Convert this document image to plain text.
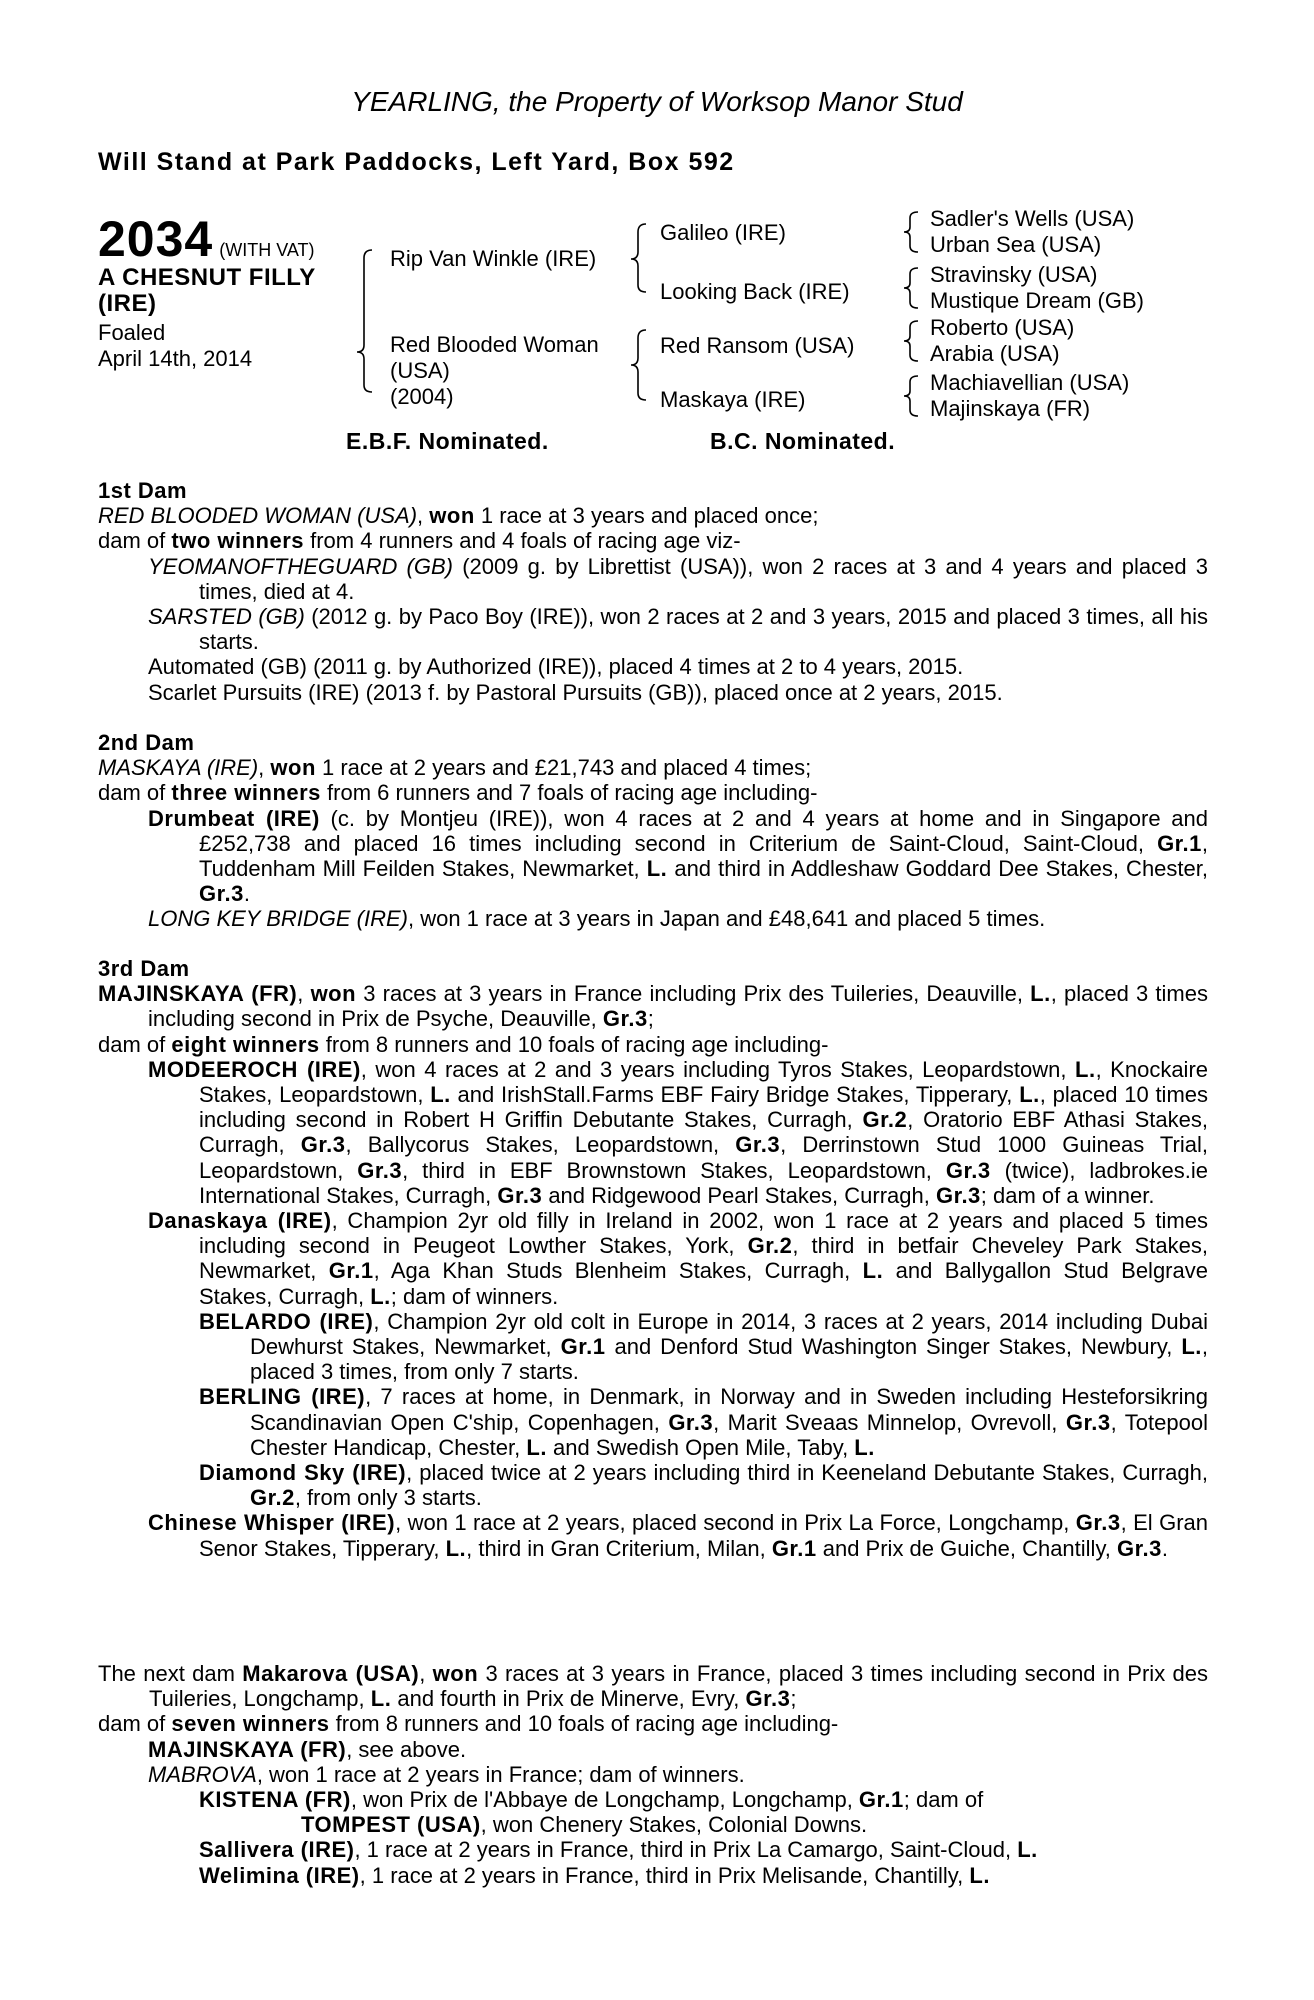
YEARLING, the Property of Worksop Manor Stud
Will Stand at Park Paddocks, Left Yard, Box 592
2034 (WITH VAT)
A CHESNUT FILLY
(IRE)
Foaled
April 14th, 2014
Rip Van Winkle (IRE)
Red Blooded Woman
(USA)
(2004)
Galileo (IRE)
Looking Back (IRE)
Red Ransom (USA)
Maskaya (IRE)
Sadler's Wells (USA)
Urban Sea (USA)
Stravinsky (USA)
Mustique Dream (GB)
Roberto (USA)
Arabia (USA)
Machiavellian (USA)
Majinskaya (FR)
E.B.F. Nominated.	B.C. Nominated.

1st Dam

RED BLOODED WOMAN (USA), won 1 race at 3 years and placed once;

dam of two winners from 4 runners and 4 foals of racing age viz-

YEOMANOFTHEGUARD (GB) (2009 g. by Librettist (USA)), won 2 races at 3 and 4 years and placed 3 times, died at 4.

SARSTED (GB) (2012 g. by Paco Boy (IRE)), won 2 races at 2 and 3 years, 2015 and placed 3 times, all his starts.

Automated (GB) (2011 g. by Authorized (IRE)), placed 4 times at 2 to 4 years, 2015.

Scarlet Pursuits (IRE) (2013 f. by Pastoral Pursuits (GB)), placed once at 2 years, 2015.

2nd Dam

MASKAYA (IRE), won 1 race at 2 years and £21,743 and placed 4 times;

dam of three winners from 6 runners and 7 foals of racing age including-

Drumbeat (IRE) (c. by Montjeu (IRE)), won 4 races at 2 and 4 years at home and in Singapore and £252,738 and placed 16 times including second in Criterium de Saint-Cloud, Saint-Cloud, Gr.1, Tuddenham Mill Feilden Stakes, Newmarket, L. and third in Addleshaw Goddard Dee Stakes, Chester, Gr.3.

LONG KEY BRIDGE (IRE), won 1 race at 3 years in Japan and £48,641 and placed 5 times.

3rd Dam

MAJINSKAYA (FR), won 3 races at 3 years in France including Prix des Tuileries, Deauville, L., placed 3 times including second in Prix de Psyche, Deauville, Gr.3;

dam of eight winners from 8 runners and 10 foals of racing age including-

MODEEROCH (IRE), won 4 races at 2 and 3 years including Tyros Stakes, Leopardstown, L., Knockaire Stakes, Leopardstown, L. and IrishStall.Farms EBF Fairy Bridge Stakes, Tipperary, L., placed 10 times including second in Robert H Griffin Debutante Stakes, Curragh, Gr.2, Oratorio EBF Athasi Stakes, Curragh, Gr.3, Ballycorus Stakes, Leopardstown, Gr.3, Derrinstown Stud 1000 Guineas Trial, Leopardstown, Gr.3, third in EBF Brownstown Stakes, Leopardstown, Gr.3 (twice), ladbrokes.ie International Stakes, Curragh, Gr.3 and Ridgewood Pearl Stakes, Curragh, Gr.3; dam of a winner.

Danaskaya (IRE), Champion 2yr old filly in Ireland in 2002, won 1 race at 2 years and placed 5 times including second in Peugeot Lowther Stakes, York, Gr.2, third in betfair Cheveley Park Stakes, Newmarket, Gr.1, Aga Khan Studs Blenheim Stakes, Curragh, L. and Ballygallon Stud Belgrave Stakes, Curragh, L.; dam of winners.

BELARDO (IRE), Champion 2yr old colt in Europe in 2014, 3 races at 2 years, 2014 including Dubai Dewhurst Stakes, Newmarket, Gr.1 and Denford Stud Washington Singer Stakes, Newbury, L., placed 3 times, from only 7 starts.

BERLING (IRE), 7 races at home, in Denmark, in Norway and in Sweden including Hesteforsikring Scandinavian Open C'ship, Copenhagen, Gr.3, Marit Sveaas Minnelop, Ovrevoll, Gr.3, Totepool Chester Handicap, Chester, L. and Swedish Open Mile, Taby, L.

Diamond Sky (IRE), placed twice at 2 years including third in Keeneland Debutante Stakes, Curragh, Gr.2, from only 3 starts.

Chinese Whisper (IRE), won 1 race at 2 years, placed second in Prix La Force, Longchamp, Gr.3, El Gran Senor Stakes, Tipperary, L., third in Gran Criterium, Milan, Gr.1 and Prix de Guiche, Chantilly, Gr.3.

The next dam Makarova (USA), won 3 races at 3 years in France, placed 3 times including second in Prix des Tuileries, Longchamp, L. and fourth in Prix de Minerve, Evry, Gr.3;

dam of seven winners from 8 runners and 10 foals of racing age including-

MAJINSKAYA (FR), see above.

MABROVA, won 1 race at 2 years in France; dam of winners.

KISTENA (FR), won Prix de l'Abbaye de Longchamp, Longchamp, Gr.1; dam of

TOMPEST (USA), won Chenery Stakes, Colonial Downs.

Sallivera (IRE), 1 race at 2 years in France, third in Prix La Camargo, Saint-Cloud, L.

Welimina (IRE), 1 race at 2 years in France, third in Prix Melisande, Chantilly, L.
